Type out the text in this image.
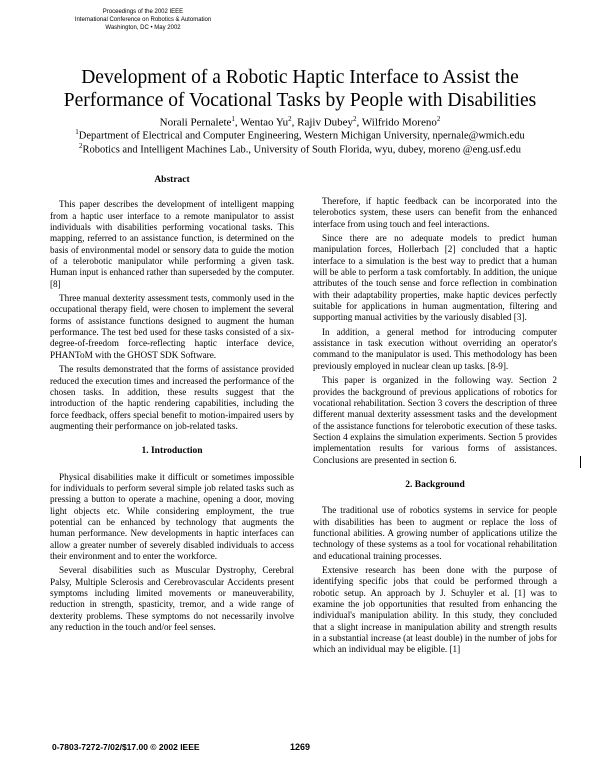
Proceedings of the 2002 IEEE
International Conference on Robotics & Automation
Washington, DC • May 2002
Development of a Robotic Haptic Interface to Assist the
Performance of Vocational Tasks by People with Disabilities
Norali Pernalete$^1$, Wentao Yu$^2$, Rajiv Dubey$^2$, Wilfrido Moreno$^2$
$^1$Department of Electrical and Computer Engineering, Western Michigan University, npernale@wmich.edu
$^2$Robotics and Intelligent Machines Lab., University of South Florida, wyu, dubey, moreno @eng.usf.edu

Abstract

This paper describes the development of intelligent mapping from a haptic user interface to a remote manipulator to assist individuals with disabilities performing vocational tasks. This mapping, referred to an assistance function, is determined on the basis of environmental model or sensory data to guide the motion of a telerobotic manipulator while performing a given task. Human input is enhanced rather than superseded by the computer. [8]

Three manual dexterity assessment tests, commonly used in the occupational therapy field, were chosen to implement the several forms of assistance functions designed to augment the human performance. The test bed used for these tasks consisted of a six-degree-of-freedom force-reflecting haptic interface device, PHANToM with the GHOST SDK Software.

The results demonstrated that the forms of assistance provided reduced the execution times and increased the performance of the chosen tasks. In addition, these results suggest that the introduction of the haptic rendering capabilities, including the force feedback, offers special benefit to motion-impaired users by augmenting their performance on job-related tasks.

1. Introduction

Physical disabilities make it difficult or sometimes impossible for individuals to perform several simple job related tasks such as pressing a button to operate a machine, opening a door, moving light objects etc. While considering employment, the true potential can be enhanced by technology that augments the human performance. New developments in haptic interfaces can allow a greater number of severely disabled individuals to access their environment and to enter the workforce.

Several disabilities such as Muscular Dystrophy, Cerebral Palsy, Multiple Sclerosis and Cerebrovascular Accidents present symptoms including limited movements or maneuverability, reduction in strength, spasticity, tremor, and a wide range of dexterity problems. These symptoms do not necessarily involve any reduction in the touch and/or feel senses.

Therefore, if haptic feedback can be incorporated into the telerobotics system, these users can benefit from the enhanced interface from using touch and feel interactions.

Since there are no adequate models to predict human manipulation forces, Hollerbach [2] concluded that a haptic interface to a simulation is the best way to predict that a human will be able to perform a task comfortably. In addition, the unique attributes of the touch sense and force reflection in combination with their adaptability properties, make haptic devices perfectly suitable for applications in human augmentation, filtering and supporting manual activities by the variously disabled [3].

In addition, a general method for introducing computer assistance in task execution without overriding an operator's command to the manipulator is used. This methodology has been previously employed in nuclear clean up tasks. [8-9].

This paper is organized in the following way. Section 2 provides the background of previous applications of robotics for vocational rehabilitation. Section 3 covers the description of three different manual dexterity assessment tasks and the development of the assistance functions for telerobotic execution of these tasks. Section 4 explains the simulation experiments. Section 5 provides implementation results for various forms of assistances. Conclusions are presented in section 6.

2. Background

The traditional use of robotics systems in service for people with disabilities has been to augment or replace the loss of functional abilities. A growing number of applications utilize the technology of these systems as a tool for vocational rehabilitation and educational training processes.

Extensive research has been done with the purpose of identifying specific jobs that could be performed through a robotic setup. An approach by J. Schuyler et al. [1] was to examine the job opportunities that resulted from enhancing the individual's manipulation ability. In this study, they concluded that a slight increase in manipulation ability and strength results in a substantial increase (at least double) in the number of jobs for which an individual may be eligible. [1]

0-7803-7272-7/02/$17.00 © 2002 IEEE	1269
